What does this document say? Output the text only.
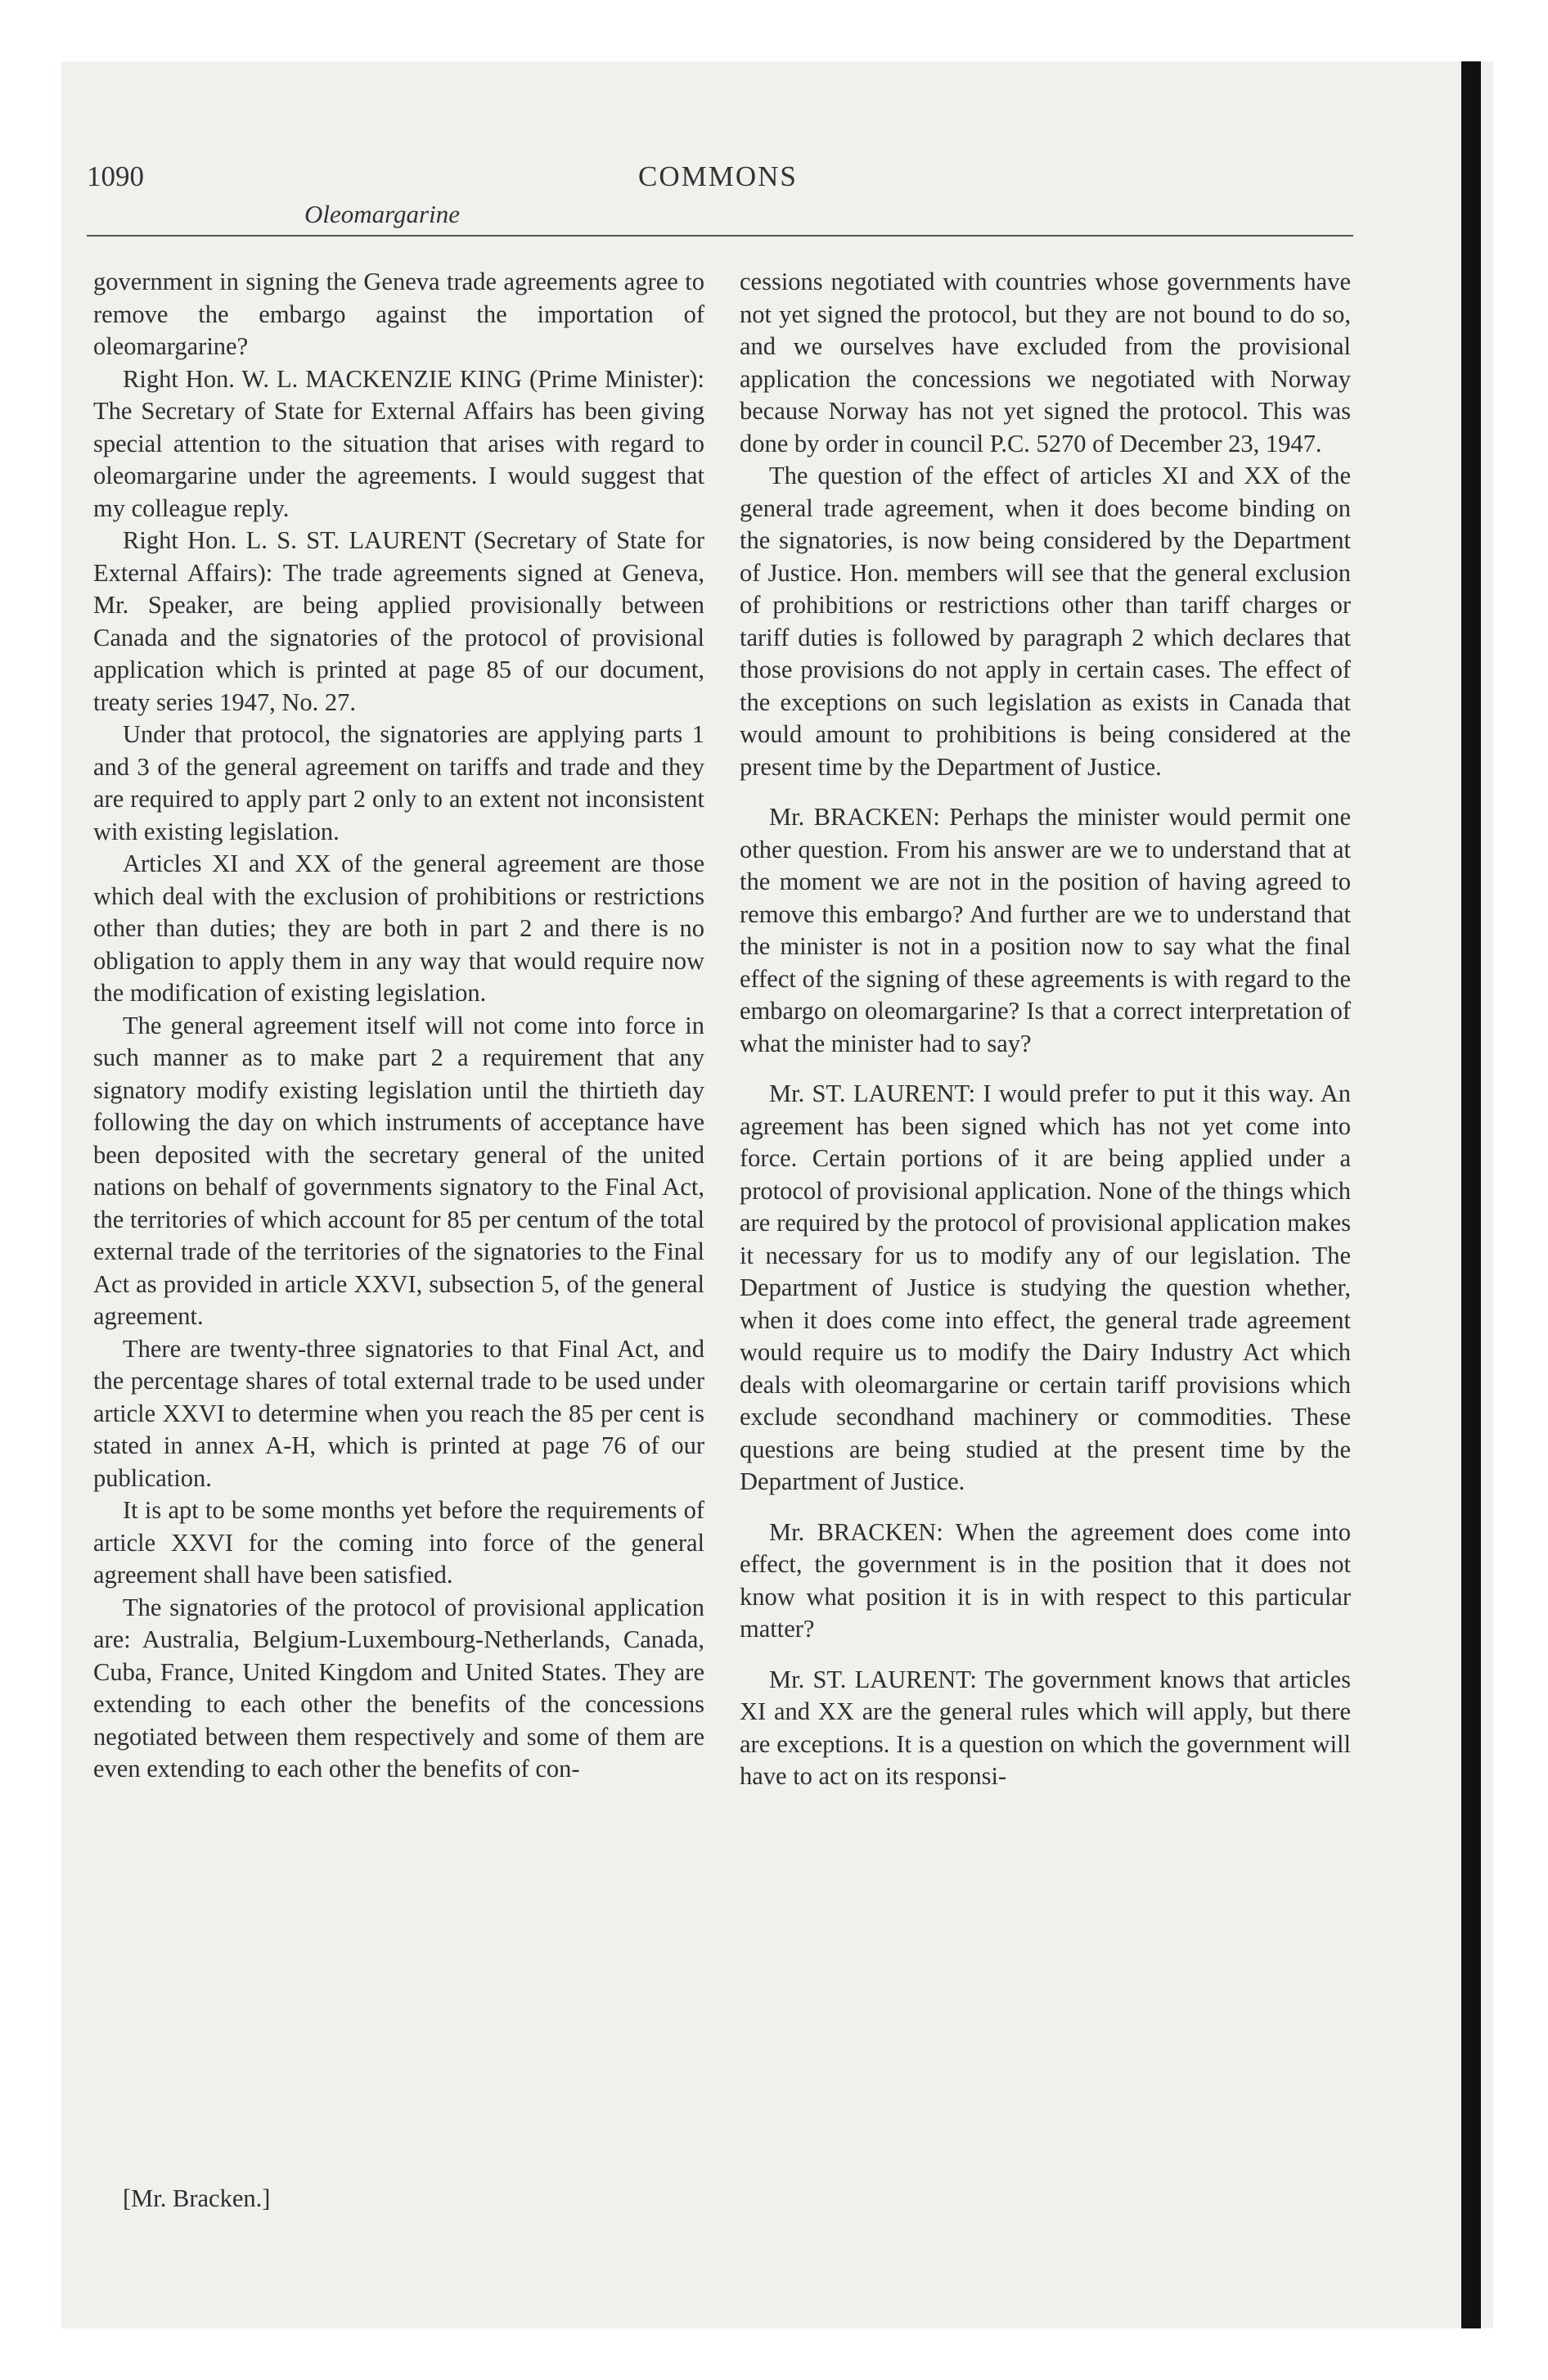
1090	COMMONS
Oleomargarine

government in signing the Geneva trade agreements agree to remove the embargo against the importation of oleomargarine?

Right Hon. W. L. MACKENZIE KING (Prime Minister): The Secretary of State for External Affairs has been giving special attention to the situation that arises with regard to oleomargarine under the agreements. I would suggest that my colleague reply.

Right Hon. L. S. ST. LAURENT (Secretary of State for External Affairs): The trade agreements signed at Geneva, Mr. Speaker, are being applied provisionally between Canada and the signatories of the protocol of provisional application which is printed at page 85 of our document, treaty series 1947, No. 27.

Under that protocol, the signatories are applying parts 1 and 3 of the general agreement on tariffs and trade and they are required to apply part 2 only to an extent not inconsistent with existing legislation.

Articles XI and XX of the general agreement are those which deal with the exclusion of prohibitions or restrictions other than duties; they are both in part 2 and there is no obligation to apply them in any way that would require now the modification of existing legislation.

The general agreement itself will not come into force in such manner as to make part 2 a requirement that any signatory modify existing legislation until the thirtieth day following the day on which instruments of acceptance have been deposited with the secretary general of the united nations on behalf of governments signatory to the Final Act, the territories of which account for 85 per centum of the total external trade of the territories of the signatories to the Final Act as provided in article XXVI, subsection 5, of the general agreement.

There are twenty-three signatories to that Final Act, and the percentage shares of total external trade to be used under article XXVI to determine when you reach the 85 per cent is stated in annex A-H, which is printed at page 76 of our publication.

It is apt to be some months yet before the requirements of article XXVI for the coming into force of the general agreement shall have been satisfied.

The signatories of the protocol of provisional application are: Australia, Belgium-Luxembourg-Netherlands, Canada, Cuba, France, United Kingdom and United States. They are extending to each other the benefits of the concessions negotiated between them respectively and some of them are even extending to each other the benefits of con-

[Mr. Bracken.]

cessions negotiated with countries whose governments have not yet signed the protocol, but they are not bound to do so, and we ourselves have excluded from the provisional application the concessions we negotiated with Norway because Norway has not yet signed the protocol. This was done by order in council P.C. 5270 of December 23, 1947.

The question of the effect of articles XI and XX of the general trade agreement, when it does become binding on the signatories, is now being considered by the Department of Justice. Hon. members will see that the general exclusion of prohibitions or restrictions other than tariff charges or tariff duties is followed by paragraph 2 which declares that those provisions do not apply in certain cases. The effect of the exceptions on such legislation as exists in Canada that would amount to prohibitions is being considered at the present time by the Department of Justice.

Mr. BRACKEN: Perhaps the minister would permit one other question. From his answer are we to understand that at the moment we are not in the position of having agreed to remove this embargo? And further are we to understand that the minister is not in a position now to say what the final effect of the signing of these agreements is with regard to the embargo on oleomargarine? Is that a correct interpretation of what the minister had to say?

Mr. ST. LAURENT: I would prefer to put it this way. An agreement has been signed which has not yet come into force. Certain portions of it are being applied under a protocol of provisional application. None of the things which are required by the protocol of provisional application makes it necessary for us to modify any of our legislation. The Department of Justice is studying the question whether, when it does come into effect, the general trade agreement would require us to modify the Dairy Industry Act which deals with oleomargarine or certain tariff provisions which exclude secondhand machinery or commodities. These questions are being studied at the present time by the Department of Justice.

Mr. BRACKEN: When the agreement does come into effect, the government is in the position that it does not know what position it is in with respect to this particular matter?

Mr. ST. LAURENT: The government knows that articles XI and XX are the general rules which will apply, but there are exceptions. It is a question on which the government will have to act on its responsi-
